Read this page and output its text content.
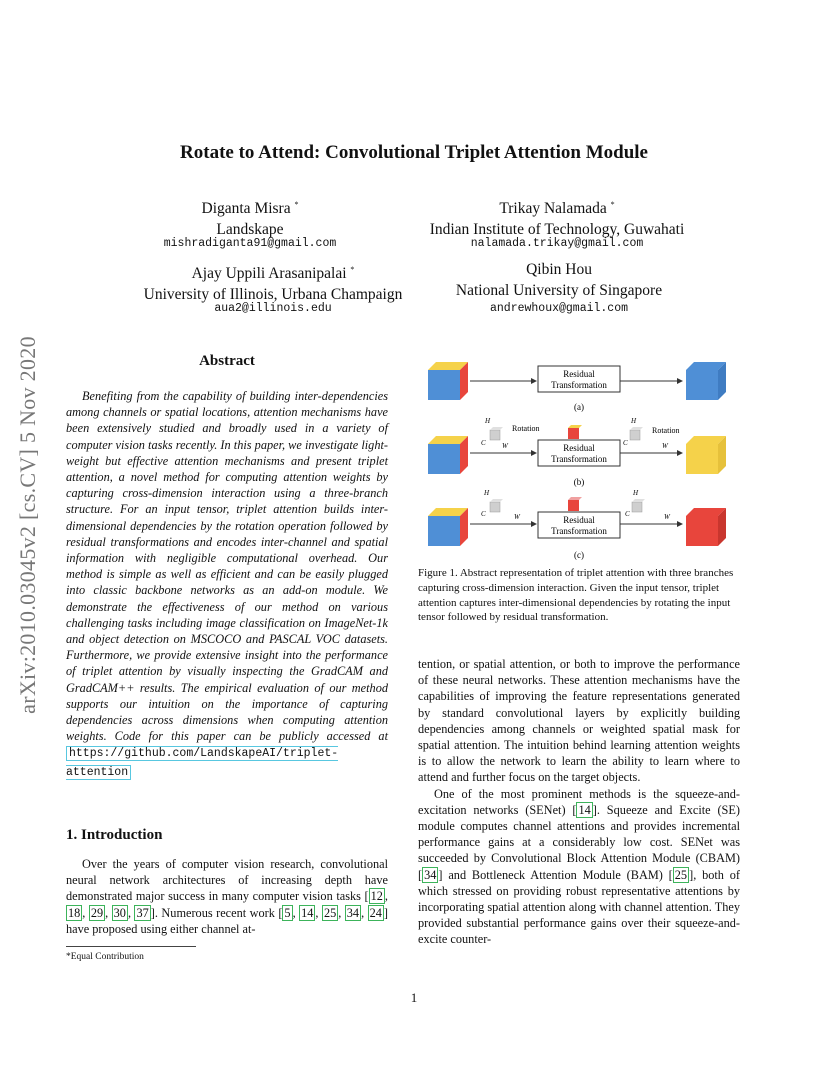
arXiv:2010.03045v2 [cs.CV] 5 Nov 2020
Rotate to Attend: Convolutional Triplet Attention Module
Diganta Misra *
Landskape
mishradiganta91@gmail.com
Trikay Nalamada *
Indian Institute of Technology, Guwahati
nalamada.trikay@gmail.com
Ajay Uppili Arasanipalai *
University of Illinois, Urbana Champaign
aua2@illinois.edu
Qibin Hou
National University of Singapore
andrewhoux@gmail.com
Abstract

Benefiting from the capability of building inter-dependencies among channels or spatial locations, attention mechanisms have been extensively studied and broadly used in a variety of computer vision tasks recently. In this paper, we investigate light-weight but effective attention mechanisms and present triplet attention, a novel method for computing attention weights by capturing cross-dimension interaction using a three-branch structure. For an input tensor, triplet attention builds inter-dimensional dependencies by the rotation operation followed by residual transformations and encodes inter-channel and spatial information with negligible computational overhead. Our method is simple as well as efficient and can be easily plugged into classic backbone networks as an add-on module. We demonstrate the effectiveness of our method on various challenging tasks including image classification on ImageNet-1k and object detection on MSCOCO and PASCAL VOC datasets. Furthermore, we provide extensive insight into the performance of triplet attention by visually inspecting the GradCAM and GradCAM++ results. The empirical evaluation of our method supports our intuition on the importance of capturing dependencies across dimensions when computing attention weights. Code for this paper can be publicly accessed at https://github.com/LandskapeAI/triplet-attention

1. Introduction

Over the years of computer vision research, convolutional neural network architectures of increasing depth have demonstrated major success in many computer vision tasks [ 12 , 18 , 29 , 30 , 37 ]. Numerous recent work [ 5 , 14 , 25 , 34 , 24 ] have proposed using either channel at-

*Equal Contribution
Residual
Transformation
(a)
H
C W
Rotation
Residual
Transformation
H
C	W
Rotation
(b)
H
C	W	Residual
Transformation
H
C	W
(c)
Figure 1. Abstract representation of triplet attention with three branches capturing cross-dimension interaction. Given the input tensor, triplet attention captures inter-dimensional dependencies by rotating the input tensor followed by residual transformation.

tention, or spatial attention, or both to improve the performance of these neural networks. These attention mechanisms have the capabilities of improving the feature representations generated by standard convolutional layers by explicitly building dependencies among channels or weighted spatial mask for spatial attention. The intuition behind learning attention weights is to allow the network to learn the ability to learn where to attend and further focus on the target objects.

One of the most prominent methods is the squeeze-and-excitation networks (SENet) [ 14 ]. Squeeze and Excite (SE) module computes channel attentions and provides incremental performance gains at a considerably low cost. SENet was succeeded by Convolutional Block Attention Module (CBAM) [ 34 ] and Bottleneck Attention Module (BAM) [ 25 ], both of which stressed on providing robust representative attentions by incorporating spatial attention along with channel attention. They provided substantial performance gains over their squeeze-and-excite counter-

1
